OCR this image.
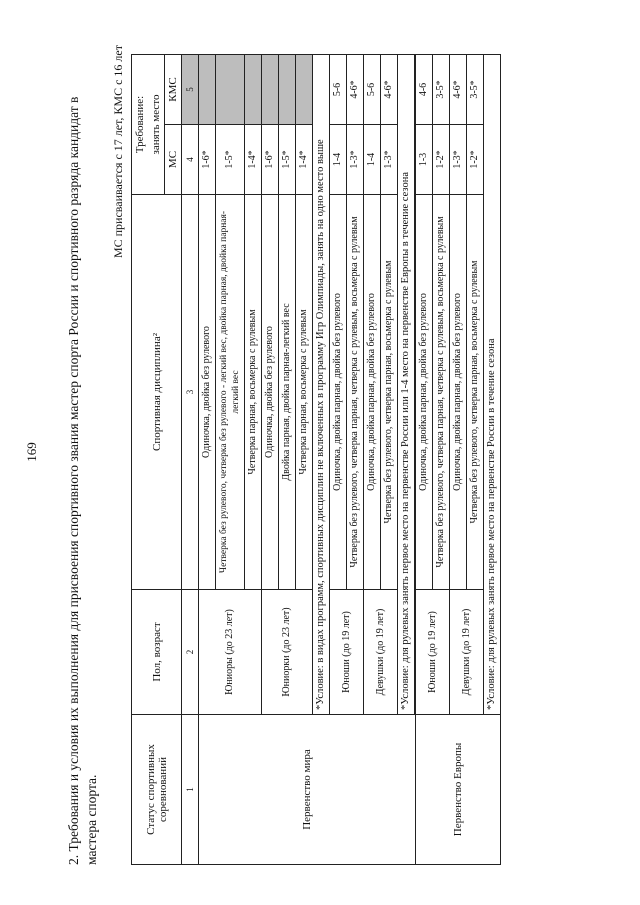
169 2. Требования и условия их выполнения для присвоения спортивного звания мастер спорта России и спортивного разряда кандидат в мастера спорта.
МС присваивается с 17 лет, КМС с 16 лет
Статус спортивных соревнований	Пол, возраст	Спортивная дисциплина²	Требование:	
			занять место	
			МС	КМС
1	2	3	4	5
Первенство мира	Юниоры (до 23 лет)	Одиночка, двойка без рулевого	1-6*	
		Четверка без рулевого, четверка без рулевого - легкий вес, двойка парная, двойка парная-легкий вес	1-5*	
		Четверка парная, восьмерка с рулевым	1-4*	
	Юниорки (до 23 лет)	Одиночка, двойка без рулевого	1-6*	
		Двойка парная, двойка парная-легкий вес	1-5*	
		Четверка парная, восьмерка с рулевым	1-4*	
	*Условие: в видах программ, спортивных дисциплин не включенных в программу Игр Олимпиады, занять на одно место выше			
	Юноши (до 19 лет)	Одиночка, двойка парная, двойка без рулевого	1-4	5-6
		Четверка без рулевого, четверка парная, четверка с рулевым, восьмерка с рулевым	1-3*	4-6*
	Девушки (до 19 лет)	Одиночка, двойка парная, двойка без рулевого	1-4	5-6
		Четверка без рулевого, четверка парная, восьмерка с рулевым	1-3*	4-6*
	*Условие: для рулевых занять первое место на первенстве России или 1-4 место на первенстве Европы в течение сезона			

Первенство Европы	Юноши (до 19 лет)	Одиночка, двойка парная, двойка без рулевого	1-3	4-6
		Четверка без рулевого, четверка парная, четверка с рулевым, восьмерка с рулевым	1-2*	3-5*
	Девушки (до 19 лет)	Одиночка, двойка парная, двойка без рулевого	1-3*	4-6*
		Четверка без рулевого, четверка парная, восьмерка с рулевым	1-2*	3-5*
	*Условие: для рулевых занять первое место на первенстве России в течение сезона			
